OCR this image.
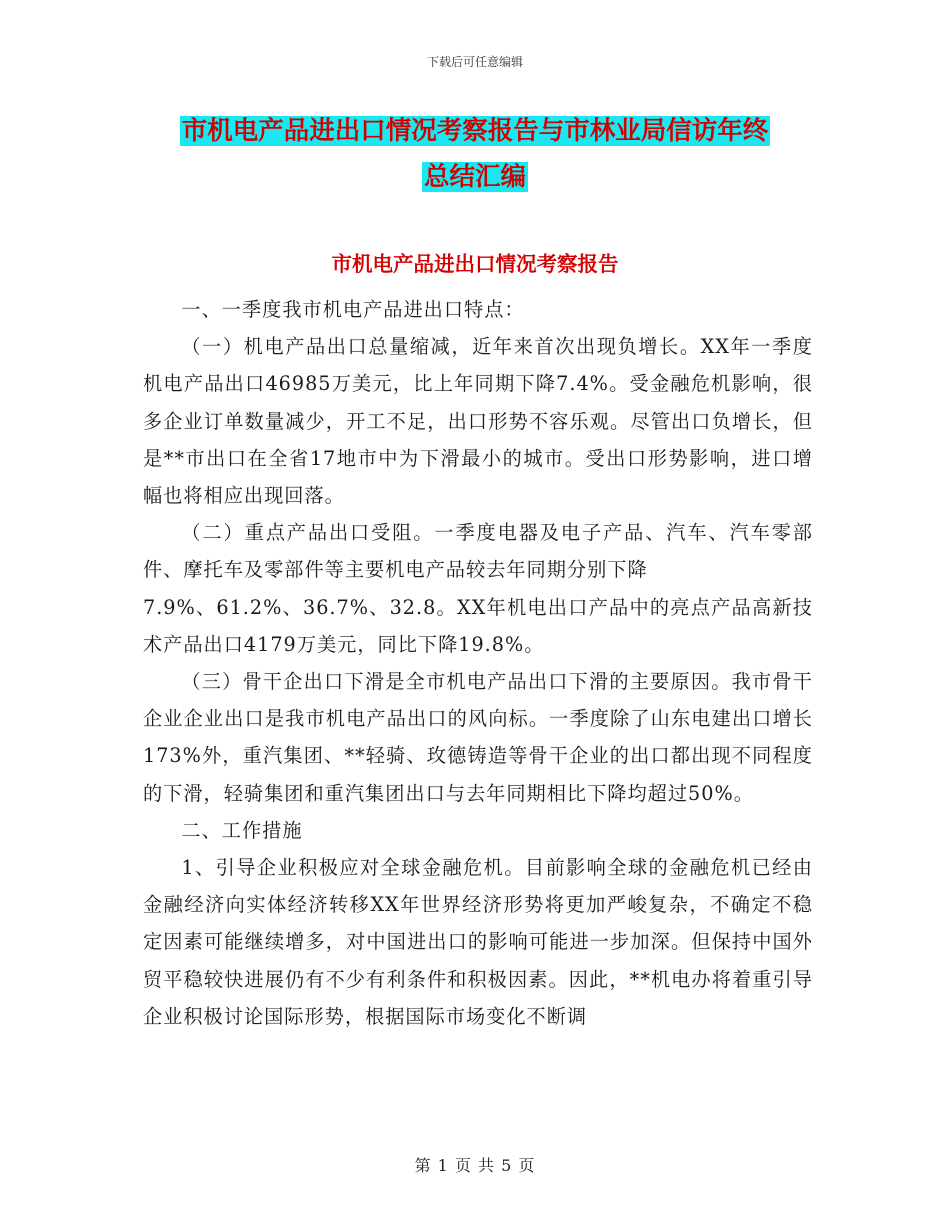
下载后可任意编辑
市机电产品进出口情况考察报告与市林业局信访年终
总结汇编
市机电产品进出口情况考察报告

一、一季度我市机电产品进出口特点：

（一）机电产品出口总量缩减，近年来首次出现负增长。XX年一季度机电产品出口46985万美元，比上年同期下降7.4%。受金融危机影响，很多企业订单数量减少，开工不足，出口形势不容乐观。尽管出口负增长，但是**市出口在全省17地市中为下滑最小的城市。受出口形势影响，进口增幅也将相应出现回落。

（二）重点产品出口受阻。一季度电器及电子产品、汽车、汽车零部件、摩托车及零部件等主要机电产品较去年同期分别下降

7.9%、61.2%、36.7%、32.8。XX年机电出口产品中的亮点产品高新技术产品出口4179万美元，同比下降19.8%。

（三）骨干企出口下滑是全市机电产品出口下滑的主要原因。我市骨干企业企业出口是我市机电产品出口的风向标。一季度除了山东电建出口增长173%外，重汽集团、**轻骑、玫德铸造等骨干企业的出口都出现不同程度的下滑，轻骑集团和重汽集团出口与去年同期相比下降均超过50%。

二、工作措施

1、引导企业积极应对全球金融危机。目前影响全球的金融危机已经由金融经济向实体经济转移XX年世界经济形势将更加严峻复杂，不确定不稳定因素可能继续增多，对中国进出口的影响可能进一步加深。但保持中国外贸平稳较快进展仍有不少有利条件和积极因素。因此，**机电办将着重引导企业积极讨论国际形势，根据国际市场变化不断调

第 1 页 共 5 页
